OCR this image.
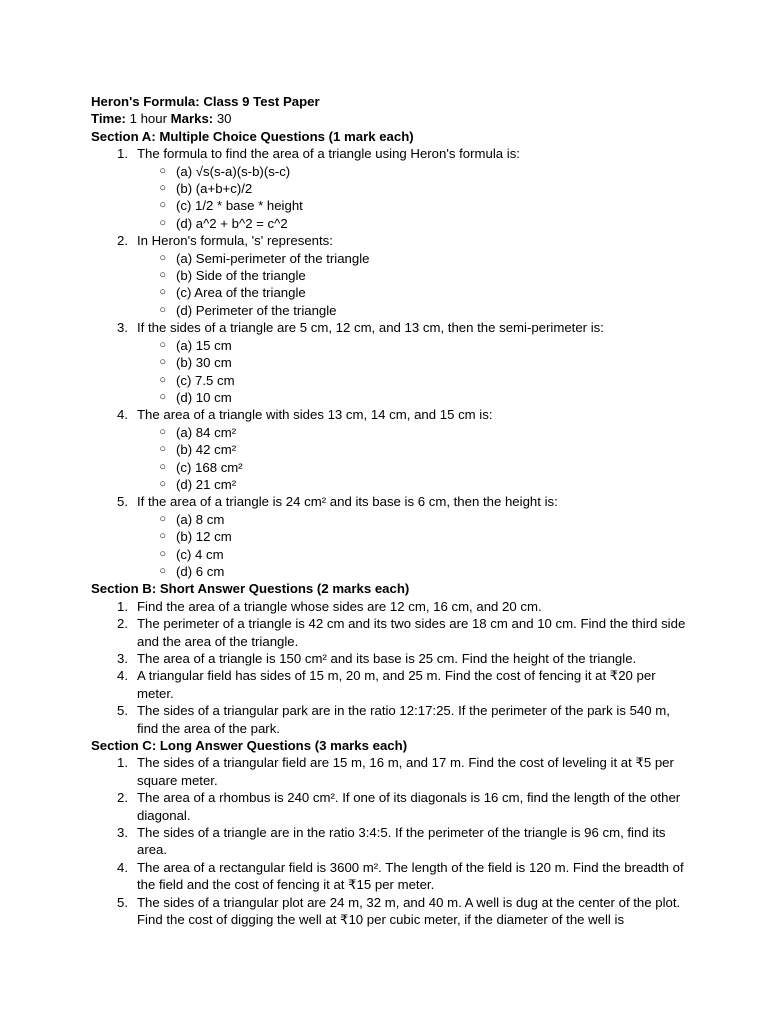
Heron's Formula: Class 9 Test Paper
Time: 1 hour Marks: 30
Section A: Multiple Choice Questions (1 mark each)
1. The formula to find the area of a triangle using Heron's formula is:
○ (a) √s(s-a)(s-b)(s-c)
○ (b) (a+b+c)/2
○ (c) 1/2 * base * height
○ (d) a^2 + b^2 = c^2
2. In Heron's formula, 's' represents:
○ (a) Semi-perimeter of the triangle
○ (b) Side of the triangle
○ (c) Area of the triangle
○ (d) Perimeter of the triangle
3. If the sides of a triangle are 5 cm, 12 cm, and 13 cm, then the semi-perimeter is:
○ (a) 15 cm
○ (b) 30 cm
○ (c) 7.5 cm
○ (d) 10 cm
4. The area of a triangle with sides 13 cm, 14 cm, and 15 cm is:
○ (a) 84 cm²
○ (b) 42 cm²
○ (c) 168 cm²
○ (d) 21 cm²
5. If the area of a triangle is 24 cm² and its base is 6 cm, then the height is:
○ (a) 8 cm
○ (b) 12 cm
○ (c) 4 cm
○ (d) 6 cm
Section B: Short Answer Questions (2 marks each)
1. Find the area of a triangle whose sides are 12 cm, 16 cm, and 20 cm.
2. The perimeter of a triangle is 42 cm and its two sides are 18 cm and 10 cm. Find the third side and the area of the triangle.
3. The area of a triangle is 150 cm² and its base is 25 cm. Find the height of the triangle.
4. A triangular field has sides of 15 m, 20 m, and 25 m. Find the cost of fencing it at ₹20 per meter.
5. The sides of a triangular park are in the ratio 12:17:25. If the perimeter of the park is 540 m, find the area of the park.
Section C: Long Answer Questions (3 marks each)
1. The sides of a triangular field are 15 m, 16 m, and 17 m. Find the cost of leveling it at ₹5 per square meter.
2. The area of a rhombus is 240 cm². If one of its diagonals is 16 cm, find the length of the other diagonal.
3. The sides of a triangle are in the ratio 3:4:5. If the perimeter of the triangle is 96 cm, find its area.
4. The area of a rectangular field is 3600 m². The length of the field is 120 m. Find the breadth of the field and the cost of fencing it at ₹15 per meter.
5. The sides of a triangular plot are 24 m, 32 m, and 40 m. A well is dug at the center of the plot. Find the cost of digging the well at ₹10 per cubic meter, if the diameter of the well is
